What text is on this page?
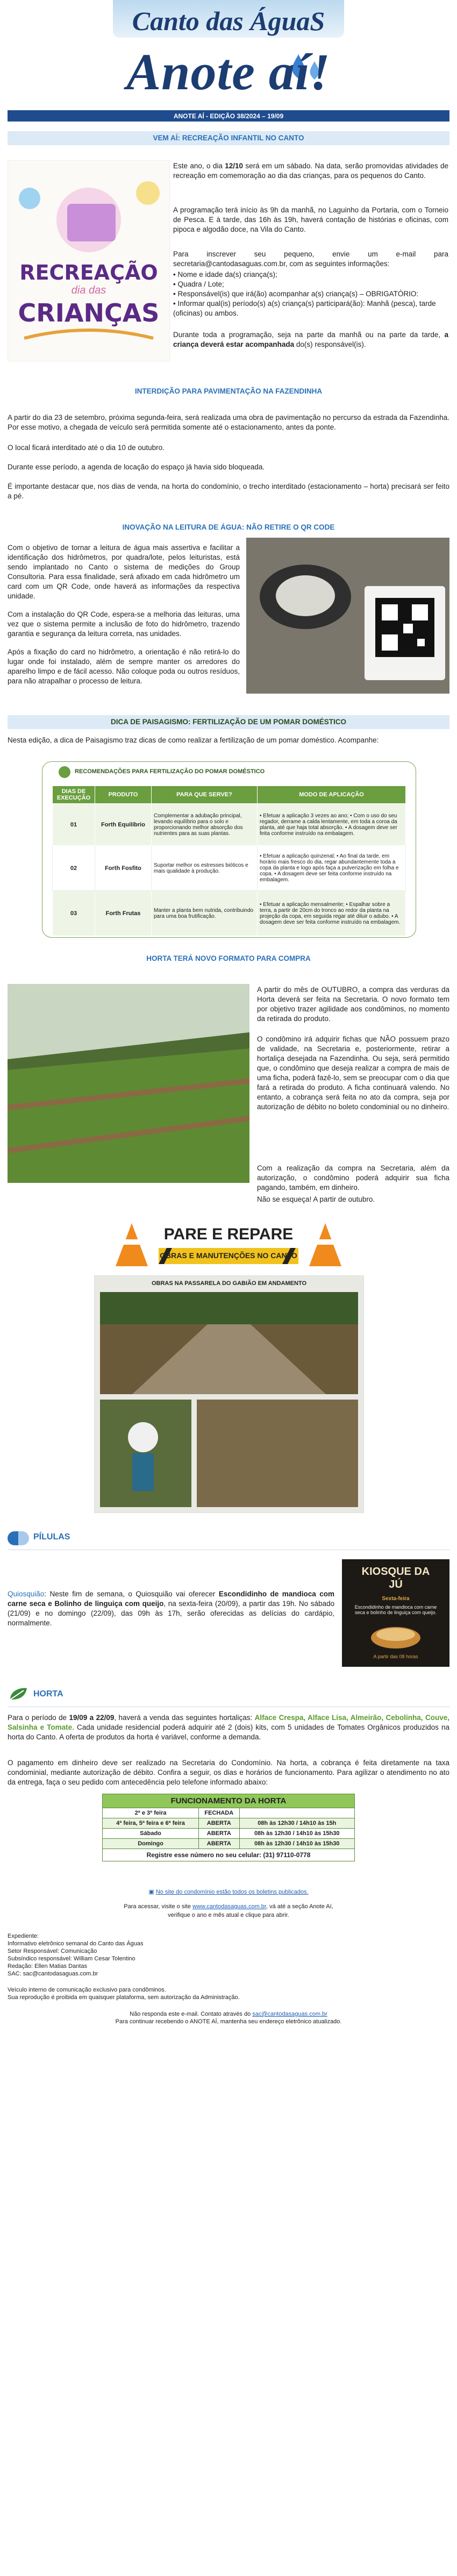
Canto das ÁguaS
Anote aí!
ANOTE AÍ - EDIÇÃO 38/2024 – 19/09

VEM AÍ: RECREAÇÃO INFANTIL NO CANTO

RECREAÇÃO
dia das
CRIANÇAS
Este ano, o dia 12/10 será em um sábado. Na data, serão promovidas atividades de recreação em comemoração ao dia das crianças, para os pequenos do Canto.
A programação terá início às 9h da manhã, no Laguinho da Portaria, com o Torneio de Pesca. E à tarde, das 16h às 19h, haverá contação de histórias e oficinas, com pipoca e algodão doce, na Vila do Canto.
Para inscrever seu pequeno, envie um e-mail para secretaria@cantodasaguas.com.br, com as seguintes informações:
• Nome e idade da(s) criança(s);
• Quadra / Lote;
• Responsável(is) que irá(ão) acompanhar a(s) criança(s) – OBRIGATÓRIO:
• Informar qual(is) período(s) a(s) criança(s) participará(ão): Manhã (pesca), tarde (oficinas) ou ambos.
Durante toda a programação, seja na parte da manhã ou na parte da tarde, a criança deverá estar acompanhada do(s) responsável(is).

INTERDIÇÃO PARA PAVIMENTAÇÃO NA FAZENDINHA

A partir do dia 23 de setembro, próxima segunda-feira, será realizada uma obra de pavimentação no percurso da estrada da Fazendinha. Por esse motivo, a chegada de veículo será permitida somente até o estacionamento, antes da ponte.
O local ficará interditado até o dia 10 de outubro.
Durante esse período, a agenda de locação do espaço já havia sido bloqueada.
É importante destacar que, nos dias de venda, na horta do condomínio, o trecho interditado (estacionamento – horta) precisará ser feito a pé.

INOVAÇÃO NA LEITURA DE ÁGUA: NÃO RETIRE O QR CODE

Com o objetivo de tornar a leitura de água mais assertiva e facilitar a identificação dos hidrômetros, por quadra/lote, pelos leituristas, está sendo implantado no Canto o sistema de medições do Group Consultoria. Para essa finalidade, será afixado em cada hidrômetro um card com um QR Code, onde haverá as informações da respectiva unidade.
Com a instalação do QR Code, espera-se a melhoria das leituras, uma vez que o sistema permite a inclusão de foto do hidrômetro, trazendo garantia e segurança da leitura correta, nas unidades.
Após a fixação do card no hidrômetro, a orientação é não retirá-lo do lugar onde foi instalado, além de sempre manter os arredores do aparelho limpo e de fácil acesso. Não coloque poda ou outros resíduos, para não atrapalhar o processo de leitura.

DICA DE PAISAGISMO: FERTILIZAÇÃO DE UM POMAR DOMÉSTICO

Nesta edição, a dica de Paisagismo traz dicas de como realizar a fertilização de um pomar doméstico. Acompanhe:
RECOMENDAÇÕES PARA FERTILIZAÇÃO DO POMAR DOMÉSTICO
DIAS DE EXECUÇÃO	PRODUTO	PARA QUE SERVE?	MODO DE APLICAÇÃO
01	Forth Equilíbrio	Complementar a adubação principal, levando equilíbrio para o solo e proporcionando melhor absorção dos nutrientes para as suas plantas.	• Efetuar a aplicação 3 vezes ao ano; • Com o uso do seu regador, derrame a calda lentamente, em toda a coroa da planta, até que haja total absorção. • A dosagem deve ser feita conforme instruído na embalagem.
02	Forth Fosfito	Suportar melhor os estresses bióticos e mais qualidade à produção.	• Efetuar a aplicação quinzenal; • Ao final da tarde, em horário mais fresco do dia, regar abundantemente toda a copa da planta e logo após faça a pulverização em folha e copa. • A dosagem deve ser feita conforme instruído na embalagem.
03	Forth Frutas	Manter a planta bem nutrida, contribuindo para uma boa frutificação.	• Efetuar a aplicação mensalmente; • Espalhar sobre a terra, a partir de 20cm do tronco ao redor da planta na projeção da copa, em seguida regar até diluir o adubo. • A dosagem deve ser feita conforme instruído na embalagem.

HORTA TERÁ NOVO FORMATO PARA COMPRA

A partir do mês de OUTUBRO, a compra das verduras da Horta deverá ser feita na Secretaria. O novo formato tem por objetivo trazer agilidade aos condôminos, no momento da retirada do produto.
O condômino irá adquirir fichas que NÃO possuem prazo de validade, na Secretaria e, posteriormente, retirar a hortaliça desejada na Fazendinha. Ou seja, será permitido que, o condômino que deseja realizar a compra de mais de uma ficha, poderá fazê-lo, sem se preocupar com o dia que fará a retirada do produto. A ficha continuará valendo. No entanto, a cobrança será feita no ato da compra, seja por autorização de débito no boleto condominial ou no dinheiro.
Com a realização da compra na Secretaria, além da autorização, o condômino poderá adquirir sua ficha pagando, também, em dinheiro.
Não se esqueça! A partir de outubro.
PARE E REPARE
OBRAS E MANUTENÇÕES NO CANTO
OBRAS NA PASSARELA DO GABIÃO EM ANDAMENTO
PÍLULAS
KIOSQUE DA
JÚ
Sexta-feira
Escondidinho de mandioca com carne seca e bolinho de linguiça com queijo.
A partir das 08 horas
Quiosquião: Neste fim de semana, o Quiosquião vai oferecer Escondidinho de mandioca com carne seca e Bolinho de linguiça com queijo, na sexta-feira (20/09), a partir das 19h. No sábado (21/09) e no domingo (22/09), das 09h às 17h, serão oferecidas as delícias do cardápio, normalmente.
HORTA
Para o período de 19/09 a 22/09, haverá a venda das seguintes hortaliças: Alface Crespa, Alface Lisa, Almeirão, Cebolinha, Couve, Salsinha e Tomate. Cada unidade residencial poderá adquirir até 2 (dois) kits, com 5 unidades de Tomates Orgânicos produzidos na horta do Canto. A oferta de produtos da horta é variável, conforme a demanda.
O pagamento em dinheiro deve ser realizado na Secretaria do Condomínio. Na horta, a cobrança é feita diretamente na taxa condominial, mediante autorização de débito. Confira a seguir, os dias e horários de funcionamento. Para agilizar o atendimento no ato da entrega, faça o seu pedido com antecedência pelo telefone informado abaixo:
FUNCIONAMENTO DA HORTA		
2ª e 3ª feira	FECHADA	
4ª feira, 5ª feira e 6ª feira	ABERTA	08h às 12h30 / 14h10 às 15h
Sábado	ABERTA	08h às 12h30 / 14h10 às 15h30
Domingo	ABERTA	08h às 12h30 / 14h10 às 15h30
Registre esse número no seu celular: (31) 97110-0778		
▣ No site do condomínio estão todos os boletins publicados.
Para acessar, visite o site www.cantodasaguas.com.br, vá até a seção Anote Aí,
verifique o ano e mês atual e clique para abrir.
Expediente:
Informativo eletrônico semanal do Canto das Águas
Setor Responsável: Comunicação
Subsíndico responsável: William Cesar Tolentino
Redação: Ellen Matias Dantas
SAC: sac@cantodasaguas.com.br
Veículo interno de comunicação exclusivo para condôminos.
Sua reprodução é proibida em quaisquer plataforma, sem autorização da Administração.
Não responda este e-mail. Contato através do sac@cantodasaguas.com.br
Para continuar recebendo o ANOTE AÍ, mantenha seu endereço eletrônico atualizado.
